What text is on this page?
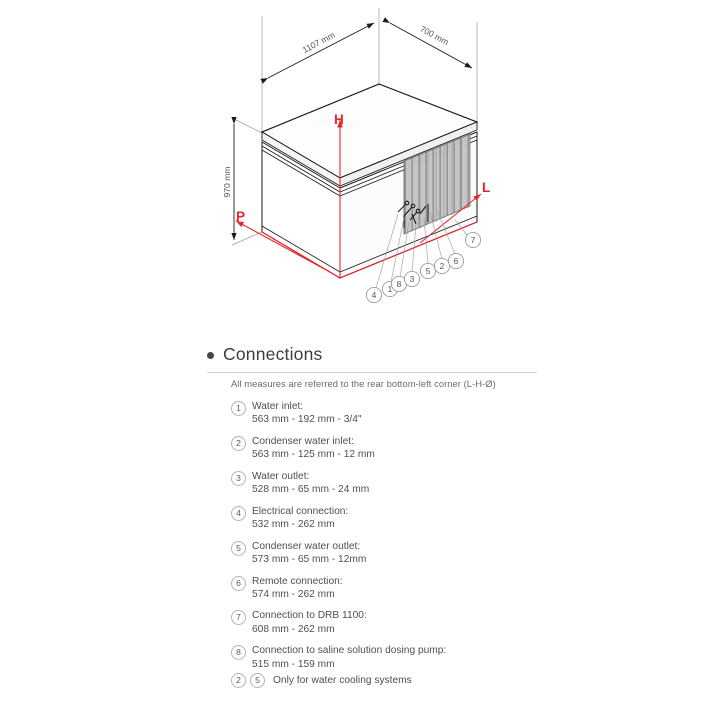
1107 mm	700 mm
970 mm
H
L
P
4
1 8 3
5 2 6
7
Connections
All measures are referred to the rear bottom-left corner (L-H-Ø)
1	Water inlet:
563 mm - 192 mm - 3/4"
2	Condenser water inlet:
563 mm - 125 mm - 12 mm
3	Water outlet:
528 mm - 65 mm - 24 mm
4	Electrical connection:
532 mm - 262 mm
5	Condenser water outlet:
573 mm - 65 mm - 12mm
6	Remote connection:
574 mm - 262 mm
7	Connection to DRB 1100:
608 mm - 262 mm
8	Connection to saline solution dosing pump:
515 mm - 159 mm
2	5	Only for water cooling systems
